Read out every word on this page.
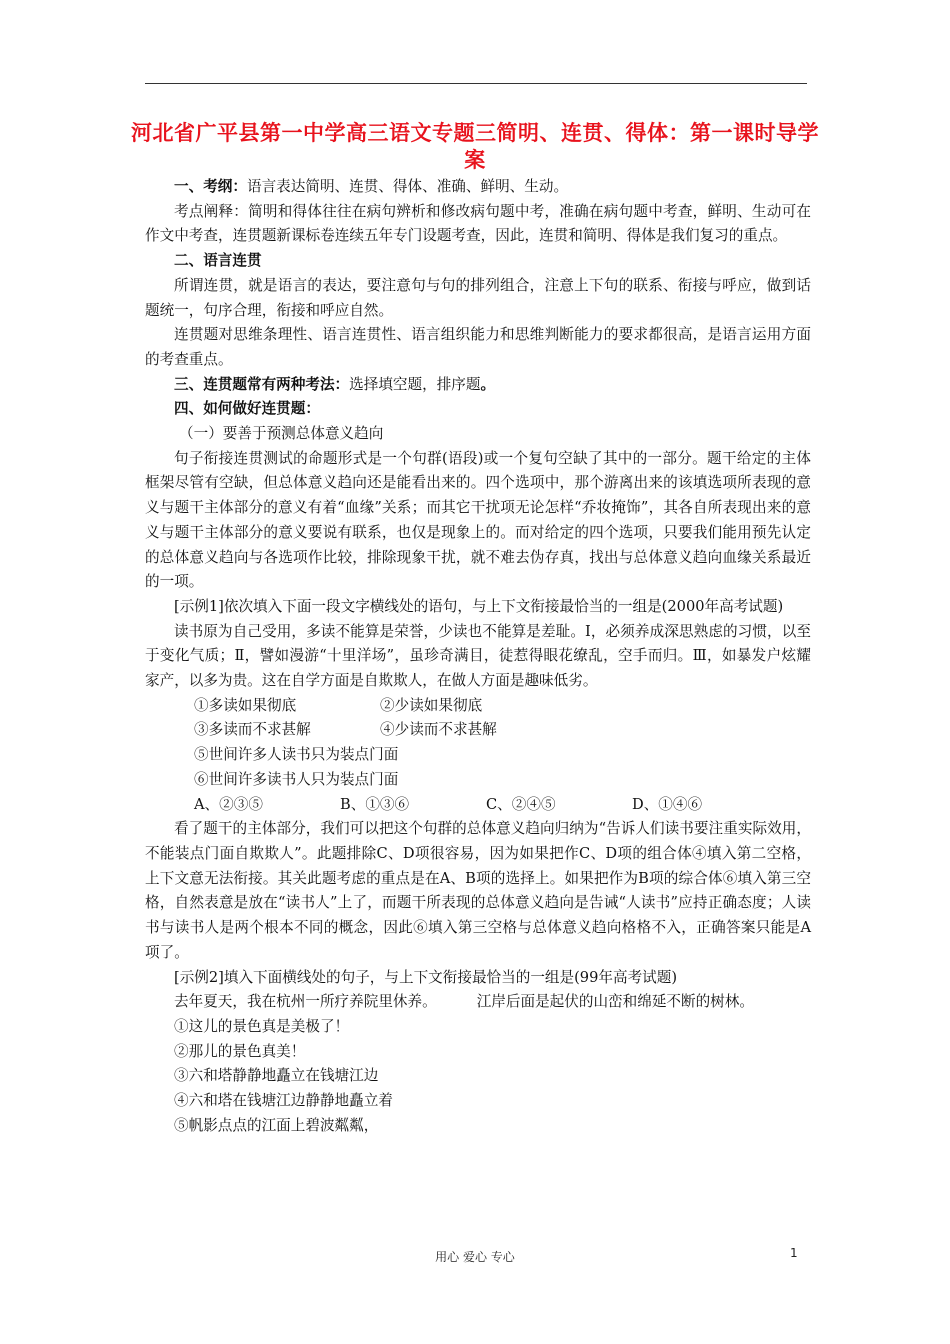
河北省广平县第一中学高三语文专题三简明、连贯、得体：第一课时导学案

一、考纲：语言表达简明、连贯、得体、准确、鲜明、生动。

考点阐释：简明和得体往往在病句辨析和修改病句题中考，准确在病句题中考查，鲜明、生动可在作文中考查，连贯题新课标卷连续五年专门设题考查，因此，连贯和简明、得体是我们复习的重点。

二、语言连贯

所谓连贯，就是语言的表达，要注意句与句的排列组合，注意上下句的联系、衔接与呼应，做到话题统一，句序合理，衔接和呼应自然。

连贯题对思维条理性、语言连贯性、语言组织能力和思维判断能力的要求都很高，是语言运用方面的考查重点。

三、连贯题常有两种考法：选择填空题，排序题。

四、如何做好连贯题：

（一）要善于预测总体意义趋向

句子衔接连贯测试的命题形式是一个句群(语段)或一个复句空缺了其中的一部分。题干给定的主体框架尽管有空缺，但总体意义趋向还是能看出来的。四个选项中，那个游离出来的该填选项所表现的意义与题干主体部分的意义有着“血缘”关系；而其它干扰项无论怎样“乔妆掩饰”，其各自所表现出来的意义与题干主体部分的意义要说有联系，也仅是现象上的。而对给定的四个选项，只要我们能用预先认定的总体意义趋向与各选项作比较，排除现象干扰，就不难去伪存真，找出与总体意义趋向血缘关系最近的一项。

[示例1]依次填入下面一段文字横线处的语句，与上下文衔接最恰当的一组是(2000年高考试题)

读书原为自己受用，多读不能算是荣誉，少读也不能算是差耻。Ⅰ，必须养成深思熟虑的习惯，以至于变化气质；Ⅱ，譬如漫游“十里洋场”，虽珍奇满目，徒惹得眼花缭乱，空手而归。Ⅲ，如暴发户炫耀家产，以多为贵。这在自学方面是自欺欺人，在做人方面是趣味低劣。

①多读如果彻底	②少读如果彻底
③多读而不求甚解	④少读而不求甚解

⑤世间许多人读书只为装点门面

⑥世间许多读书人只为装点门面

A、②③⑤	B、①③⑥	C、②④⑤	D、①④⑥

看了题干的主体部分，我们可以把这个句群的总体意义趋向归纳为“告诉人们读书要注重实际效用，不能装点门面自欺欺人”。此题排除C、D项很容易，因为如果把作C、D项的组合体④填入第二空格，上下文意无法衔接。其关此题考虑的重点是在A、B项的选择上。如果把作为B项的综合体⑥填入第三空格，自然表意是放在“读书人”上了，而题干所表现的总体意义趋向是告诫“人读书”应持正确态度；人读书与读书人是两个根本不同的概念，因此⑥填入第三空格与总体意义趋向格格不入，正确答案只能是A项了。

[示例2]填入下面横线处的句子，与上下文衔接最恰当的一组是(99年高考试题)

去年夏天，我在杭州一所疗养院里休养。	江岸后面是起伏的山峦和绵延不断的树林。

①这儿的景色真是美极了！

②那儿的景色真美！

③六和塔静静地矗立在钱塘江边

④六和塔在钱塘江边静静地矗立着

⑤帆影点点的江面上碧波粼粼，

用心 爱心 专心	1
